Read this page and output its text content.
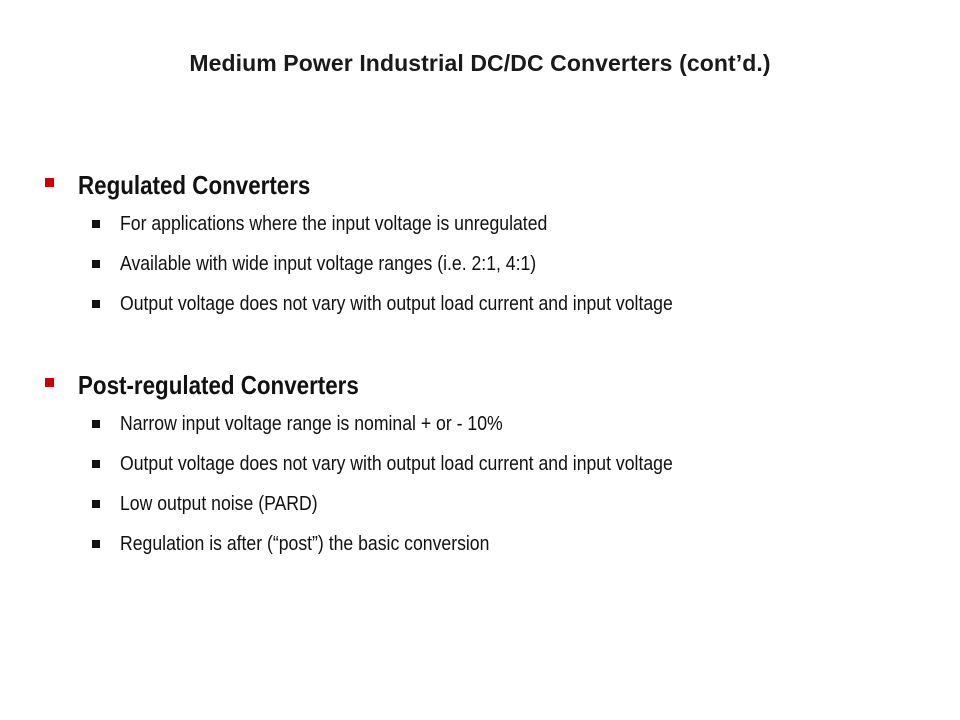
Medium Power Industrial DC/DC Converters (cont’d.)
Regulated Converters
For applications where the input voltage is unregulated
Available with wide input voltage ranges (i.e. 2:1, 4:1)
Output voltage does not vary with output load current and input voltage
Post-regulated Converters
Narrow input voltage range is nominal + or - 10%
Output voltage does not vary with output load current and input voltage
Low output noise (PARD)
Regulation is after (“post”) the basic conversion
